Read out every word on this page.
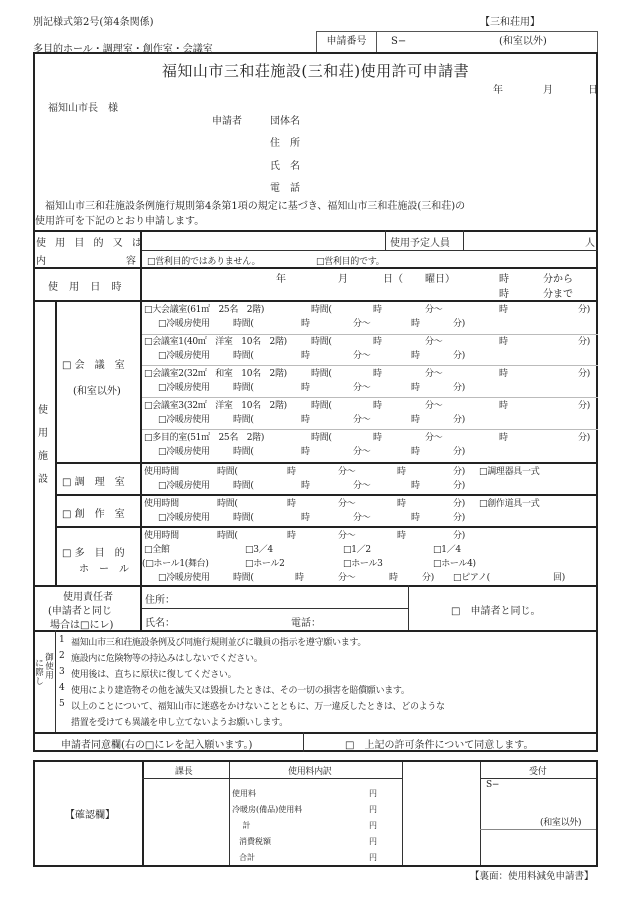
別記様式第2号(第4条関係)	【三和荘用】
多目的ホール・調理室・創作室・会議室
申請番号	S−	(和室以外)
福知山市三和荘施設(三和荘)使用許可申請書
年	月	日
福知山市長　様
申請者	団体名
住　所
氏　名
電　話
　福知山市三和荘施設条例施行規則第4条第1項の規定に基づき、福知山市三和荘施設(三和荘)の
使用許可を下記のとおり申請します。
使 用 目 的 又 は
内	容
使用予定人員	人
□営利目的ではありません。	□営利目的です。
使 用 日 時
年	月	日（ 曜日）	時	分から
時	分まで
使
用
施
設
□ 会　議　室
(和室以外)
□大会議室(61㎡　25名　2階)	時間(	時	分〜	時	分)
□冷暖房使用	時間(	時	分〜	時	分)
□会議室1(40㎡　洋室　10名　2階)	時間(	時	分〜	時	分)
□冷暖房使用	時間(	時	分〜	時	分)
□会議室2(32㎡　和室　10名　2階)	時間(	時	分〜	時	分)
□冷暖房使用	時間(	時	分〜	時	分)
□会議室3(32㎡　洋室　10名　2階)	時間(	時	分〜	時	分)
□冷暖房使用	時間(	時	分〜	時	分)
□多目的室(51㎡　25名　2階)	時間(	時	分〜	時	分)
□冷暖房使用	時間(	時	分〜	時	分)
□ 調　理　室
使用時間	時間(	時	分〜	時	分) □調理器具一式
□冷暖房使用	時間(	時	分〜	時	分)
□ 創　作　室
使用時間	時間(	時	分〜	時	分) □創作道具一式
□冷暖房使用	時間(	時	分〜	時	分)
□ 多　目　的
ホ　ー　ル
使用時間	時間(	時	分〜	時	分)
□全館	□3／4	□1／2	□1／4
(□ホール1(舞台)	□ホール2	□ホール3	□ホール4)
□冷暖房使用	時間(	時	分〜	時	分) □ピアノ(	回)
使用責任者
(申請者と同じ
場合は□にレ)
住所：
氏名：	電話：
□　申請者と同じ。
御使用
に際し
1 福知山市三和荘施設条例及び同施行規則並びに職員の指示を遵守願います。
2 施設内に危険物等の持込みはしないでください。
3 使用後は、直ちに原状に復してください。
4 使用により建造物その他を滅失又は毀損したときは、その一切の損害を賠償願います。
5 以上のことについて、福知山市に迷惑をかけないことともに、万一違反したときは、どのような
措置を受けても異議を申し立てないようお願いします。
申請者同意欄(右の□にレを記入願います。)	□　上記の許可条件について同意します。
【確認欄】
課長	使用料内訳
使用料	円
冷暖房(備品)使用料	円
　 計	円
消費税額	円
合計	円
受付
S−
(和室以外)
【裏面：使用料減免申請書】
